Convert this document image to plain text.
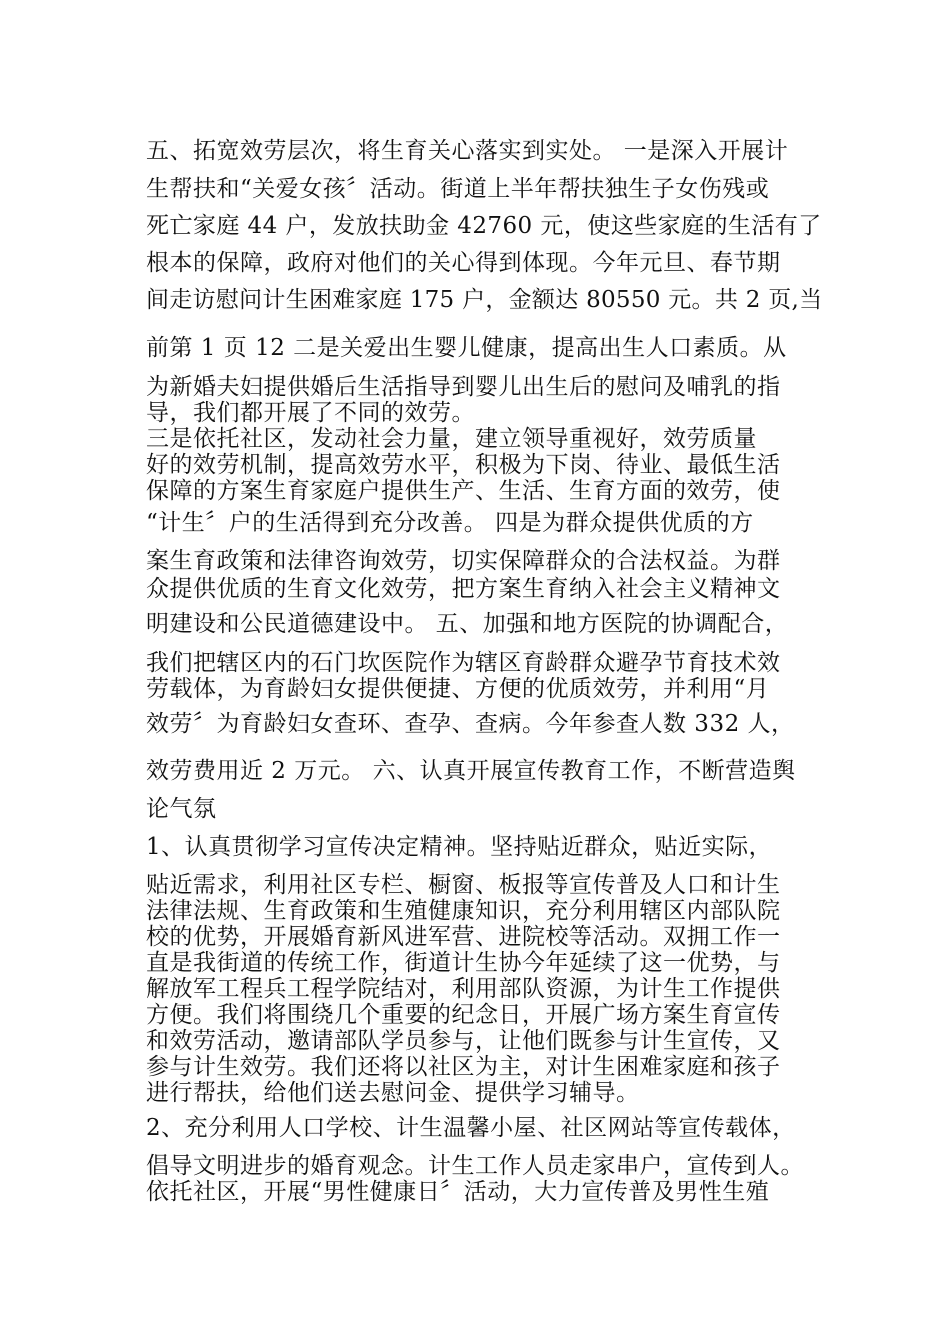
五、拓宽效劳层次，将生育关心落实到实处。 一是深入开展计

生帮扶和“关爱女孩〞活动。街道上半年帮扶独生子女伤残或

死亡家庭 44 户，发放扶助金 42760 元，使这些家庭的生活有了

根本的保障，政府对他们的关心得到体现。今年元旦、春节期

间走访慰问计生困难家庭 175 户，金额达 80550 元。共 2 页,当

前第 1 页 12 二是关爱出生婴儿健康，提高出生人口素质。从

为新婚夫妇提供婚后生活指导到婴儿出生后的慰问及哺乳的指

导，我们都开展了不同的效劳。

三是依托社区，发动社会力量，建立领导重视好，效劳质量

好的效劳机制，提高效劳水平，积极为下岗、待业、最低生活

保障的方案生育家庭户提供生产、生活、生育方面的效劳，使

“计生〞户的生活得到充分改善。 四是为群众提供优质的方

案生育政策和法律咨询效劳，切实保障群众的合法权益。为群

众提供优质的生育文化效劳，把方案生育纳入社会主义精神文

明建设和公民道德建设中。 五、加强和地方医院的协调配合，

我们把辖区内的石门坎医院作为辖区育龄群众避孕节育技术效

劳载体，为育龄妇女提供便捷、方便的优质效劳，并利用“月

效劳〞为育龄妇女查环、查孕、查病。今年参查人数 332 人，

效劳费用近 2 万元。 六、认真开展宣传教育工作，不断营造舆

论气氛

1、认真贯彻学习宣传决定精神。坚持贴近群众，贴近实际，

贴近需求，利用社区专栏、橱窗、板报等宣传普及人口和计生

法律法规、生育政策和生殖健康知识，充分利用辖区内部队院

校的优势，开展婚育新风进军营、进院校等活动。双拥工作一

直是我街道的传统工作，街道计生协今年延续了这一优势，与

解放军工程兵工程学院结对，利用部队资源，为计生工作提供

方便。我们将围绕几个重要的纪念日，开展广场方案生育宣传

和效劳活动，邀请部队学员参与，让他们既参与计生宣传，又

参与计生效劳。我们还将以社区为主，对计生困难家庭和孩子

进行帮扶，给他们送去慰问金、提供学习辅导。

2、充分利用人口学校、计生温馨小屋、社区网站等宣传载体，

倡导文明进步的婚育观念。计生工作人员走家串户，宣传到人。

依托社区，开展“男性健康日〞活动，大力宣传普及男性生殖
